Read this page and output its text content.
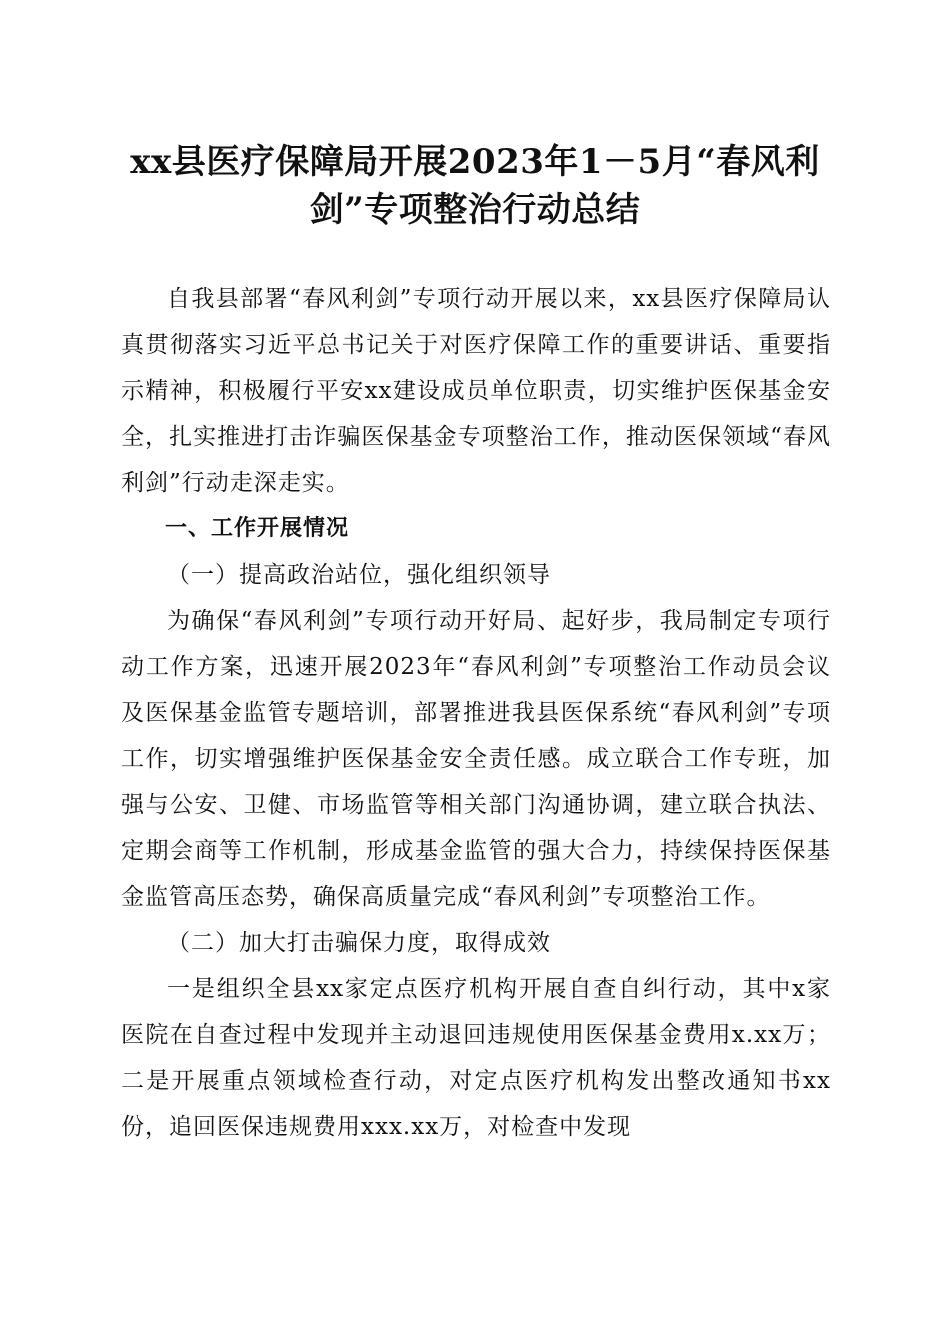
xx县医疗保障局开展2023年1－5月“春风利
剑”专项整治行动总结

自我县部署“春风利剑”专项行动开展以来，xx县医疗保障局认真贯彻落实习近平总书记关于对医疗保障工作的重要讲话、重要指示精神，积极履行平安xx建设成员单位职责，切实维护医保基金安全，扎实推进打击诈骗医保基金专项整治工作，推动医保领域“春风利剑”行动走深走实。

一、工作开展情况

（一）提高政治站位，强化组织领导

为确保“春风利剑”专项行动开好局、起好步，我局制定专项行动工作方案，迅速开展2023年“春风利剑”专项整治工作动员会议及医保基金监管专题培训，部署推进我县医保系统“春风利剑”专项工作，切实增强维护医保基金安全责任感。成立联合工作专班，加强与公安、卫健、市场监管等相关部门沟通协调，建立联合执法、定期会商等工作机制，形成基金监管的强大合力，持续保持医保基金监管高压态势，确保高质量完成“春风利剑”专项整治工作。

（二）加大打击骗保力度，取得成效

一是组织全县xx家定点医疗机构开展自查自纠行动，其中x家医院在自查过程中发现并主动退回违规使用医保基金费用x.xx万；二是开展重点领域检查行动，对定点医疗机构发出整改通知书xx份，追回医保违规费用xxx.xx万，对检查中发现
